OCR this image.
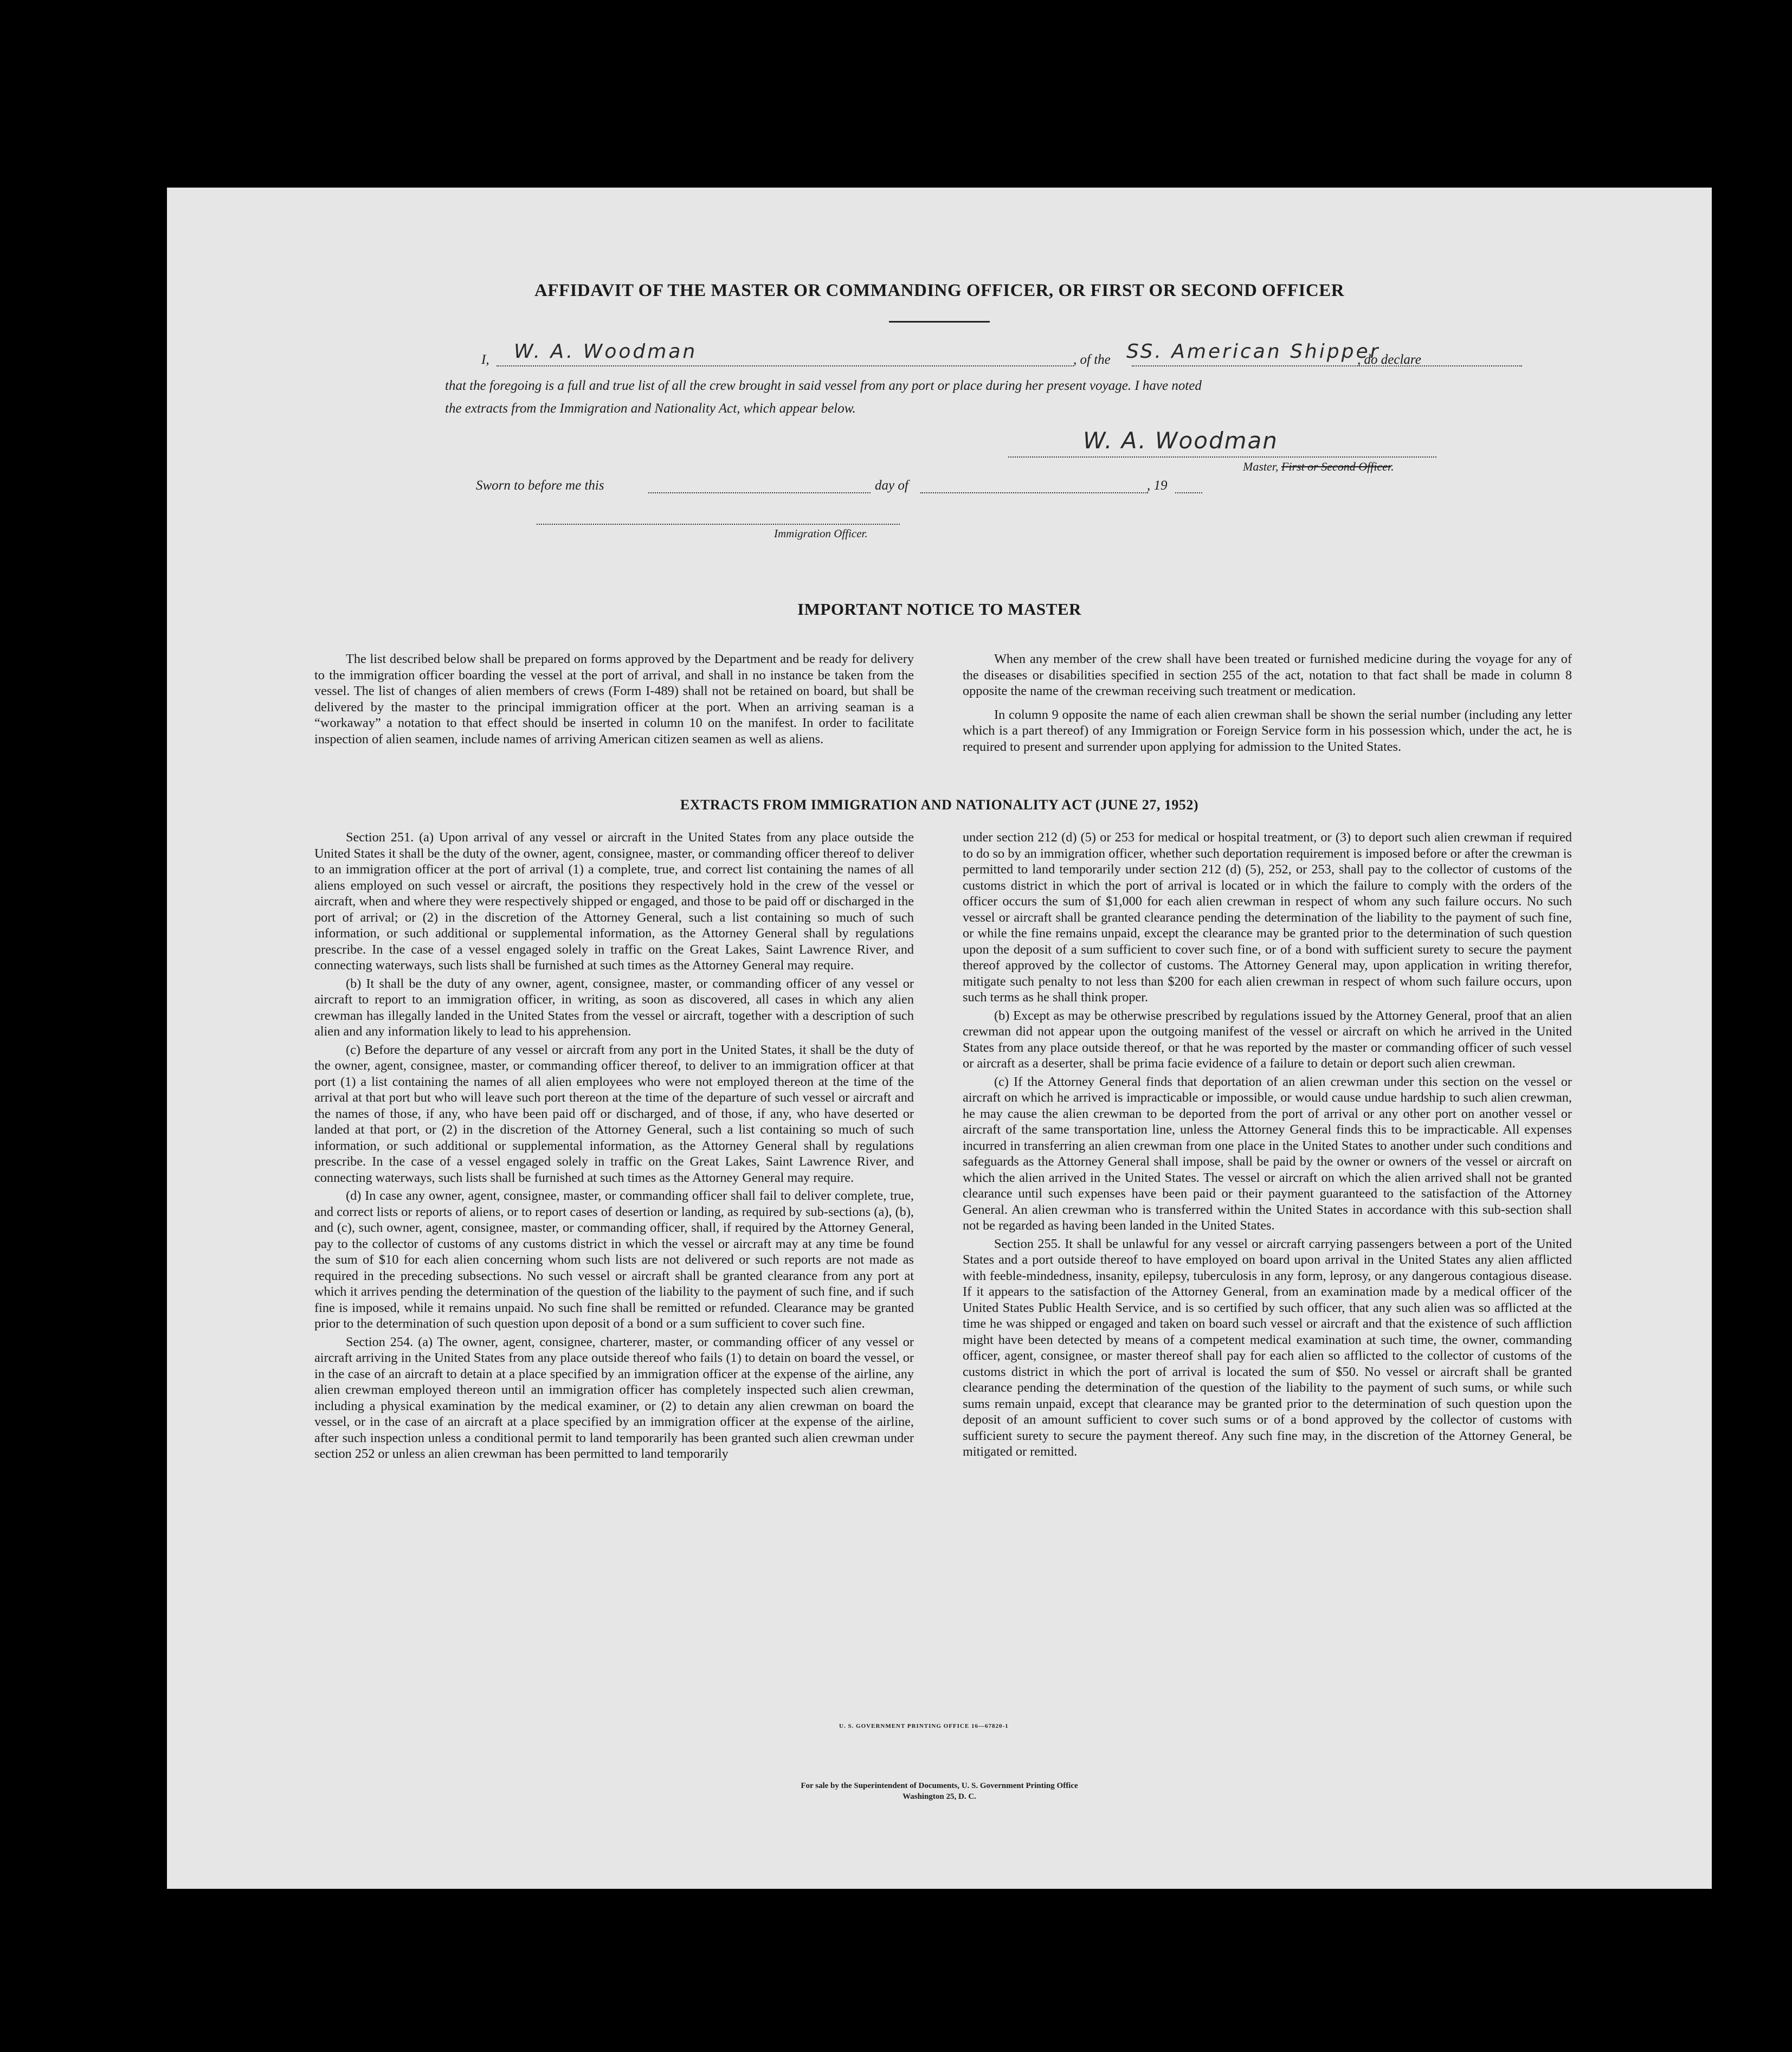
AFFIDAVIT OF THE MASTER OR COMMANDING OFFICER, OR FIRST OR SECOND OFFICER
I, W. A. Woodman	, of the SS. American Shipper
, do declare
that the foregoing is a full and true list of all the crew brought in said vessel from any port or place during her present voyage. I have noted
the extracts from the Immigration and Nationality Act, which appear below.
W. A. Woodman
Master, First or Second Officer.
Sworn to before me this	day of	, 19
Immigration Officer.
IMPORTANT NOTICE TO MASTER

The list described below shall be prepared on forms approved by the Department and be ready for delivery to the immigration officer boarding the vessel at the port of arrival, and shall in no instance be taken from the vessel. The list of changes of alien members of crews (Form I-489) shall not be retained on board, but shall be delivered by the master to the principal immigration officer at the port. When an arriving seaman is a “workaway” a notation to that effect should be inserted in column 10 on the manifest. In order to facilitate inspection of alien seamen, include names of arriving American citizen seamen as well as aliens.

When any member of the crew shall have been treated or furnished medicine during the voyage for any of the diseases or disabilities specified in section 255 of the act, notation to that fact shall be made in column 8 opposite the name of the crewman receiving such treatment or medication.

In column 9 opposite the name of each alien crewman shall be shown the serial number (including any letter which is a part thereof) of any Immigration or Foreign Service form in his possession which, under the act, he is required to present and surrender upon applying for admission to the United States.

EXTRACTS FROM IMMIGRATION AND NATIONALITY ACT (JUNE 27, 1952)

Section 251. (a) Upon arrival of any vessel or aircraft in the United States from any place outside the United States it shall be the duty of the owner, agent, consignee, master, or commanding officer thereof to deliver to an immigration officer at the port of arrival (1) a complete, true, and correct list containing the names of all aliens employed on such vessel or aircraft, the positions they respectively hold in the crew of the vessel or aircraft, when and where they were respectively shipped or engaged, and those to be paid off or discharged in the port of arrival; or (2) in the discretion of the Attorney General, such a list containing so much of such information, or such additional or supplemental information, as the Attorney General shall by regulations prescribe. In the case of a vessel engaged solely in traffic on the Great Lakes, Saint Lawrence River, and connecting waterways, such lists shall be furnished at such times as the Attorney General may require.

(b) It shall be the duty of any owner, agent, consignee, master, or commanding officer of any vessel or aircraft to report to an immigration officer, in writing, as soon as discovered, all cases in which any alien crewman has illegally landed in the United States from the vessel or aircraft, together with a description of such alien and any information likely to lead to his apprehension.

(c) Before the departure of any vessel or aircraft from any port in the United States, it shall be the duty of the owner, agent, consignee, master, or commanding officer thereof, to deliver to an immigration officer at that port (1) a list containing the names of all alien employees who were not employed thereon at the time of the arrival at that port but who will leave such port thereon at the time of the departure of such vessel or aircraft and the names of those, if any, who have been paid off or discharged, and of those, if any, who have deserted or landed at that port, or (2) in the discretion of the Attorney General, such a list containing so much of such information, or such additional or supplemental information, as the Attorney General shall by regulations prescribe. In the case of a vessel engaged solely in traffic on the Great Lakes, Saint Lawrence River, and connecting waterways, such lists shall be furnished at such times as the Attorney General may require.

(d) In case any owner, agent, consignee, master, or commanding officer shall fail to deliver complete, true, and correct lists or reports of aliens, or to report cases of desertion or landing, as required by sub-sections (a), (b), and (c), such owner, agent, consignee, master, or commanding officer, shall, if required by the Attorney General, pay to the collector of customs of any customs district in which the vessel or aircraft may at any time be found the sum of $10 for each alien concerning whom such lists are not delivered or such reports are not made as required in the preceding subsections. No such vessel or aircraft shall be granted clearance from any port at which it arrives pending the determination of the question of the liability to the payment of such fine, and if such fine is imposed, while it remains unpaid. No such fine shall be remitted or refunded. Clearance may be granted prior to the determination of such question upon deposit of a bond or a sum sufficient to cover such fine.

Section 254. (a) The owner, agent, consignee, charterer, master, or commanding officer of any vessel or aircraft arriving in the United States from any place outside thereof who fails (1) to detain on board the vessel, or in the case of an aircraft to detain at a place specified by an immigration officer at the expense of the airline, any alien crewman employed thereon until an immigration officer has completely inspected such alien crewman, including a physical examination by the medical examiner, or (2) to detain any alien crewman on board the vessel, or in the case of an aircraft at a place specified by an immigration officer at the expense of the airline, after such inspection unless a conditional permit to land temporarily has been granted such alien crewman under section 252 or unless an alien crewman has been permitted to land temporarily

under section 212 (d) (5) or 253 for medical or hospital treatment, or (3) to deport such alien crewman if required to do so by an immigration officer, whether such deportation requirement is imposed before or after the crewman is permitted to land temporarily under section 212 (d) (5), 252, or 253, shall pay to the collector of customs of the customs district in which the port of arrival is located or in which the failure to comply with the orders of the officer occurs the sum of $1,000 for each alien crewman in respect of whom any such failure occurs. No such vessel or aircraft shall be granted clearance pending the determination of the liability to the payment of such fine, or while the fine remains unpaid, except the clearance may be granted prior to the determination of such question upon the deposit of a sum sufficient to cover such fine, or of a bond with sufficient surety to secure the payment thereof approved by the collector of customs. The Attorney General may, upon application in writing therefor, mitigate such penalty to not less than $200 for each alien crewman in respect of whom such failure occurs, upon such terms as he shall think proper.

(b) Except as may be otherwise prescribed by regulations issued by the Attorney General, proof that an alien crewman did not appear upon the outgoing manifest of the vessel or aircraft on which he arrived in the United States from any place outside thereof, or that he was reported by the master or commanding officer of such vessel or aircraft as a deserter, shall be prima facie evidence of a failure to detain or deport such alien crewman.

(c) If the Attorney General finds that deportation of an alien crewman under this section on the vessel or aircraft on which he arrived is impracticable or impossible, or would cause undue hardship to such alien crewman, he may cause the alien crewman to be deported from the port of arrival or any other port on another vessel or aircraft of the same transportation line, unless the Attorney General finds this to be impracticable. All expenses incurred in transferring an alien crewman from one place in the United States to another under such conditions and safeguards as the Attorney General shall impose, shall be paid by the owner or owners of the vessel or aircraft on which the alien arrived in the United States. The vessel or aircraft on which the alien arrived shall not be granted clearance until such expenses have been paid or their payment guaranteed to the satisfaction of the Attorney General. An alien crewman who is transferred within the United States in accordance with this sub-section shall not be regarded as having been landed in the United States.

Section 255. It shall be unlawful for any vessel or aircraft carrying passengers between a port of the United States and a port outside thereof to have employed on board upon arrival in the United States any alien afflicted with feeble-mindedness, insanity, epilepsy, tuberculosis in any form, leprosy, or any dangerous contagious disease. If it appears to the satisfaction of the Attorney General, from an examination made by a medical officer of the United States Public Health Service, and is so certified by such officer, that any such alien was so afflicted at the time he was shipped or engaged and taken on board such vessel or aircraft and that the existence of such affliction might have been detected by means of a competent medical examination at such time, the owner, commanding officer, agent, consignee, or master thereof shall pay for each alien so afflicted to the collector of customs of the customs district in which the port of arrival is located the sum of $50. No vessel or aircraft shall be granted clearance pending the determination of the question of the liability to the payment of such sums, or while such sums remain unpaid, except that clearance may be granted prior to the determination of such question upon the deposit of an amount sufficient to cover such sums or of a bond approved by the collector of customs with sufficient surety to secure the payment thereof. Any such fine may, in the discretion of the Attorney General, be mitigated or remitted.

U. S. GOVERNMENT PRINTING OFFICE 16—67820-1
For sale by the Superintendent of Documents, U. S. Government Printing Office
Washington 25, D. C.
